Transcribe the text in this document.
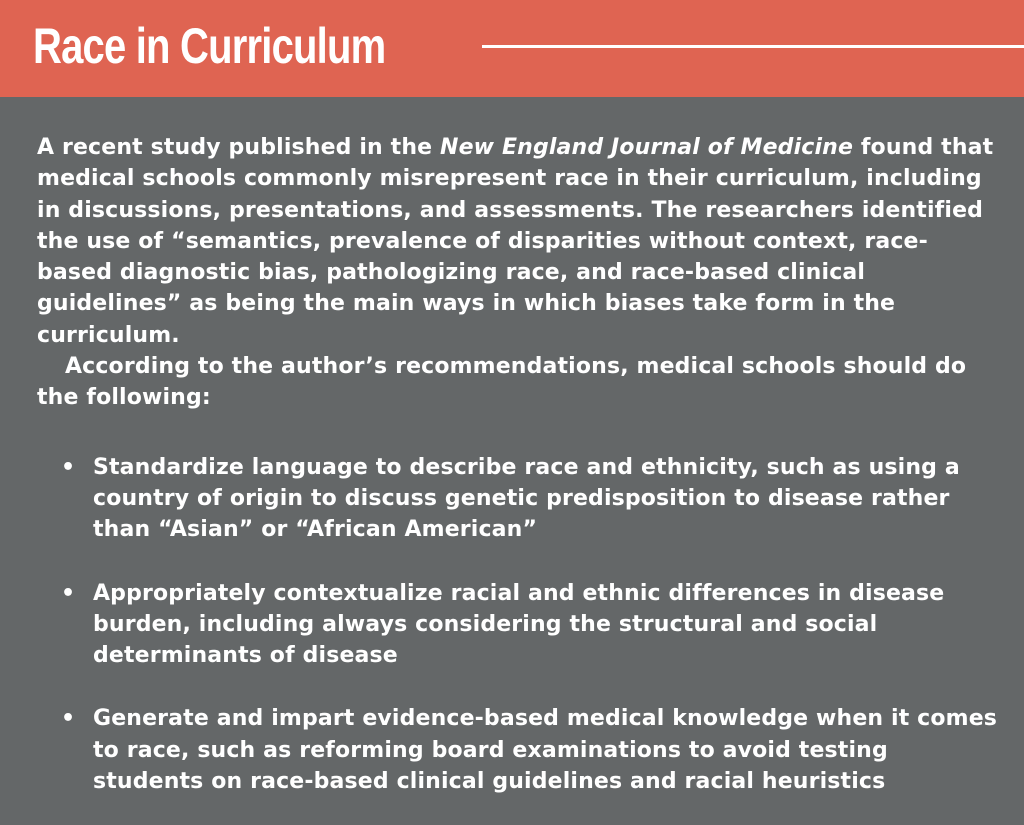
Race in Curriculum

A recent study published in the New England Journal of Medicine found that medical schools commonly misrepresent race in their curriculum, including in discussions, presentations, and assessments. The researchers identified the use of “semantics, prevalence of disparities without context, race-based diagnostic bias, pathologizing race, and race-based clinical guidelines” as being the main ways in which biases take form in the curriculum.

According to the author’s recommendations, medical schools should do the following:

• Standardize language to describe race and ethnicity, such as using a country of origin to discuss genetic predisposition to disease rather than “Asian” or “African American”
• Appropriately contextualize racial and ethnic differences in disease burden, including always considering the structural and social determinants of disease
• Generate and impart evidence-based medical knowledge when it comes to race, such as reforming board examinations to avoid testing students on race-based clinical guidelines and racial heuristics
